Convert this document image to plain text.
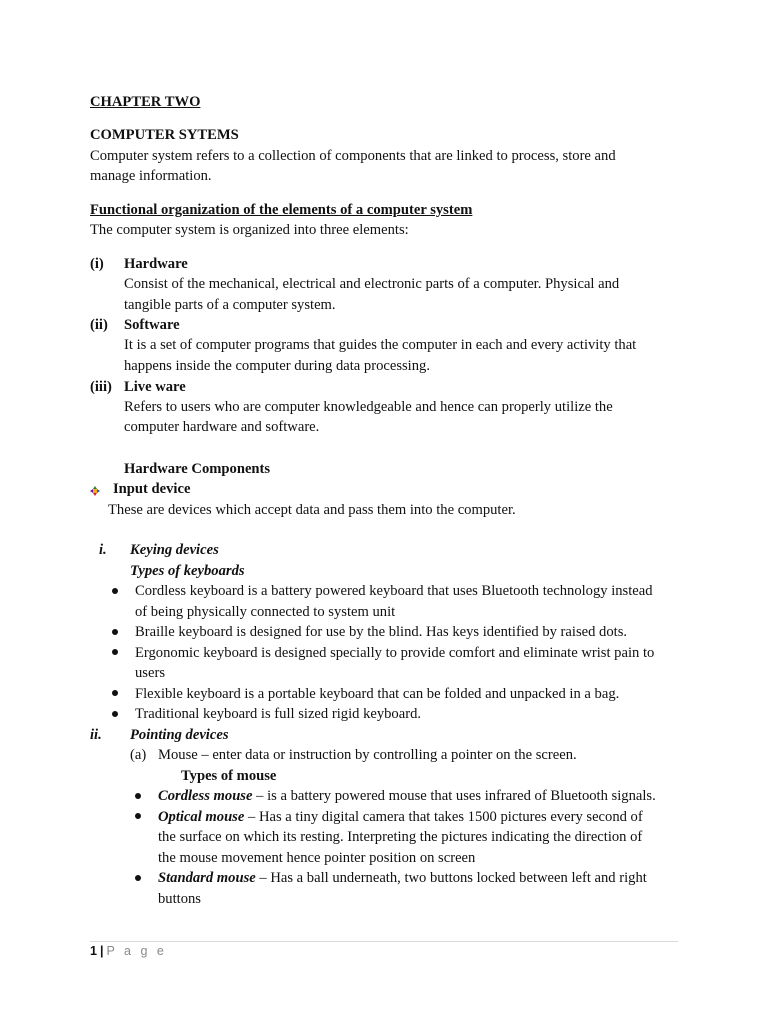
CHAPTER TWO
COMPUTER SYTEMS
Computer system refers to a collection of components that are linked to process, store and
manage information.
Functional organization of the elements of a computer system
The computer system is organized into three elements:
(i) Hardware
Consist of the mechanical, electrical and electronic parts of a computer. Physical and
tangible parts of a computer system.
(ii) Software
It is a set of computer programs that guides the computer in each and every activity that
happens inside the computer during data processing.
(iii) Live ware
Refers to users who are computer knowledgeable and hence can properly utilize the
computer hardware and software.
Hardware Components
Input device
These are devices which accept data and pass them into the computer.
i. Keying devices
Types of keyboards
Cordless keyboard is a battery powered keyboard that uses Bluetooth technology instead
of being physically connected to system unit
Braille keyboard is designed for use by the blind. Has keys identified by raised dots.
Ergonomic keyboard is designed specially to provide comfort and eliminate wrist pain to
users
Flexible keyboard is a portable keyboard that can be folded and unpacked in a bag.
Traditional keyboard is full sized rigid keyboard.
ii. Pointing devices
(a) Mouse – enter data or instruction by controlling a pointer on the screen.
Types of mouse
Cordless mouse – is a battery powered mouse that uses infrared of Bluetooth signals.
Optical mouse – Has a tiny digital camera that takes 1500 pictures every second of
the surface on which its resting. Interpreting the pictures indicating the direction of
the mouse movement hence pointer position on screen
Standard mouse – Has a ball underneath, two buttons locked between left and right
buttons
1 | P a g e
